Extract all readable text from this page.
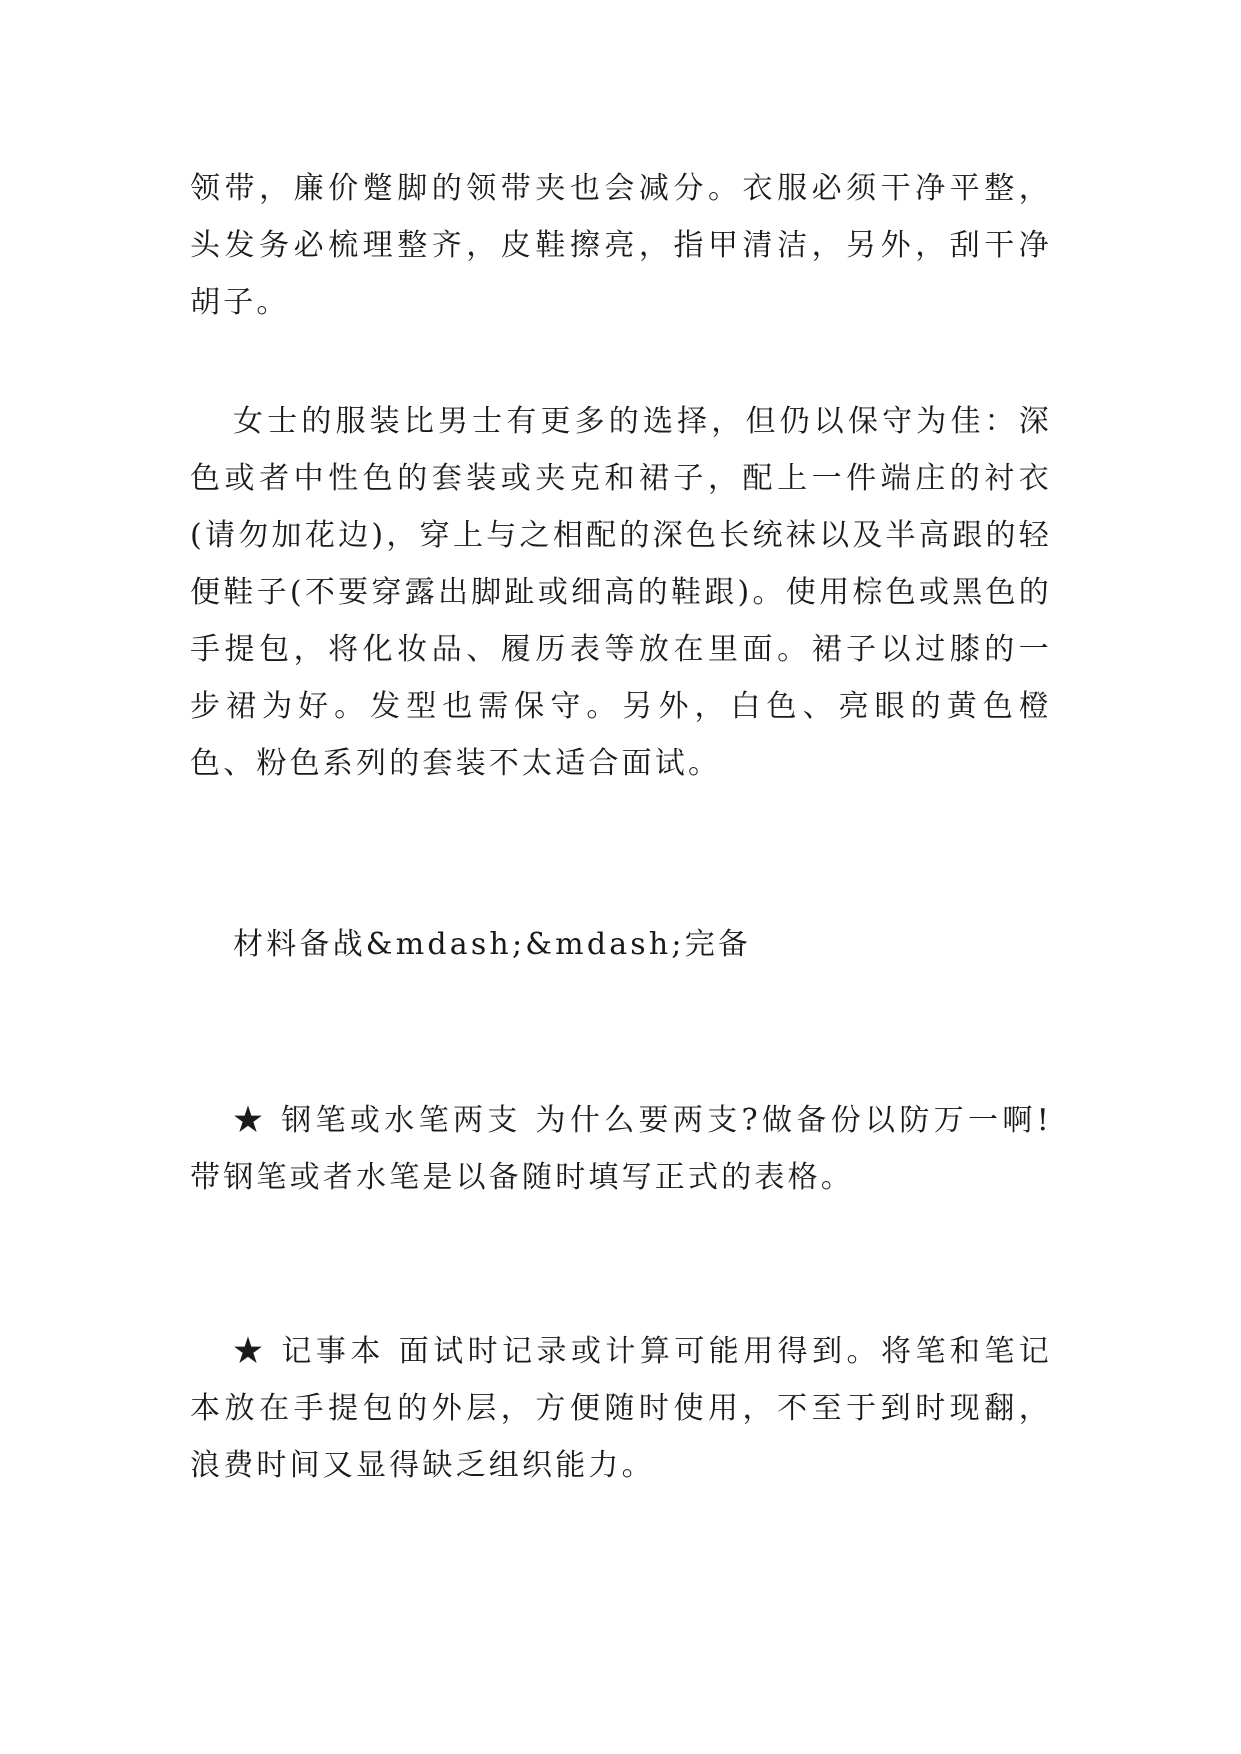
领带，廉价蹩脚的领带夹也会减分。衣服必须干净平整，头发务必梳理整齐，皮鞋擦亮，指甲清洁，另外，刮干净胡子。

女士的服装比男士有更多的选择，但仍以保守为佳：深色或者中性色的套装或夹克和裙子，配上一件端庄的衬衣(请勿加花边)，穿上与之相配的深色长统袜以及半高跟的轻便鞋子(不要穿露出脚趾或细高的鞋跟)。使用棕色或黑色的手提包，将化妆品、履历表等放在里面。裙子以过膝的一步裙为好。发型也需保守。另外，白色、亮眼的黄色橙色、粉色系列的套装不太适合面试。

材料备战&mdash;&mdash;完备

★ 钢笔或水笔两支 为什么要两支?做备份以防万一啊!带钢笔或者水笔是以备随时填写正式的表格。

★ 记事本 面试时记录或计算可能用得到。将笔和笔记本放在手提包的外层，方便随时使用，不至于到时现翻，浪费时间又显得缺乏组织能力。
